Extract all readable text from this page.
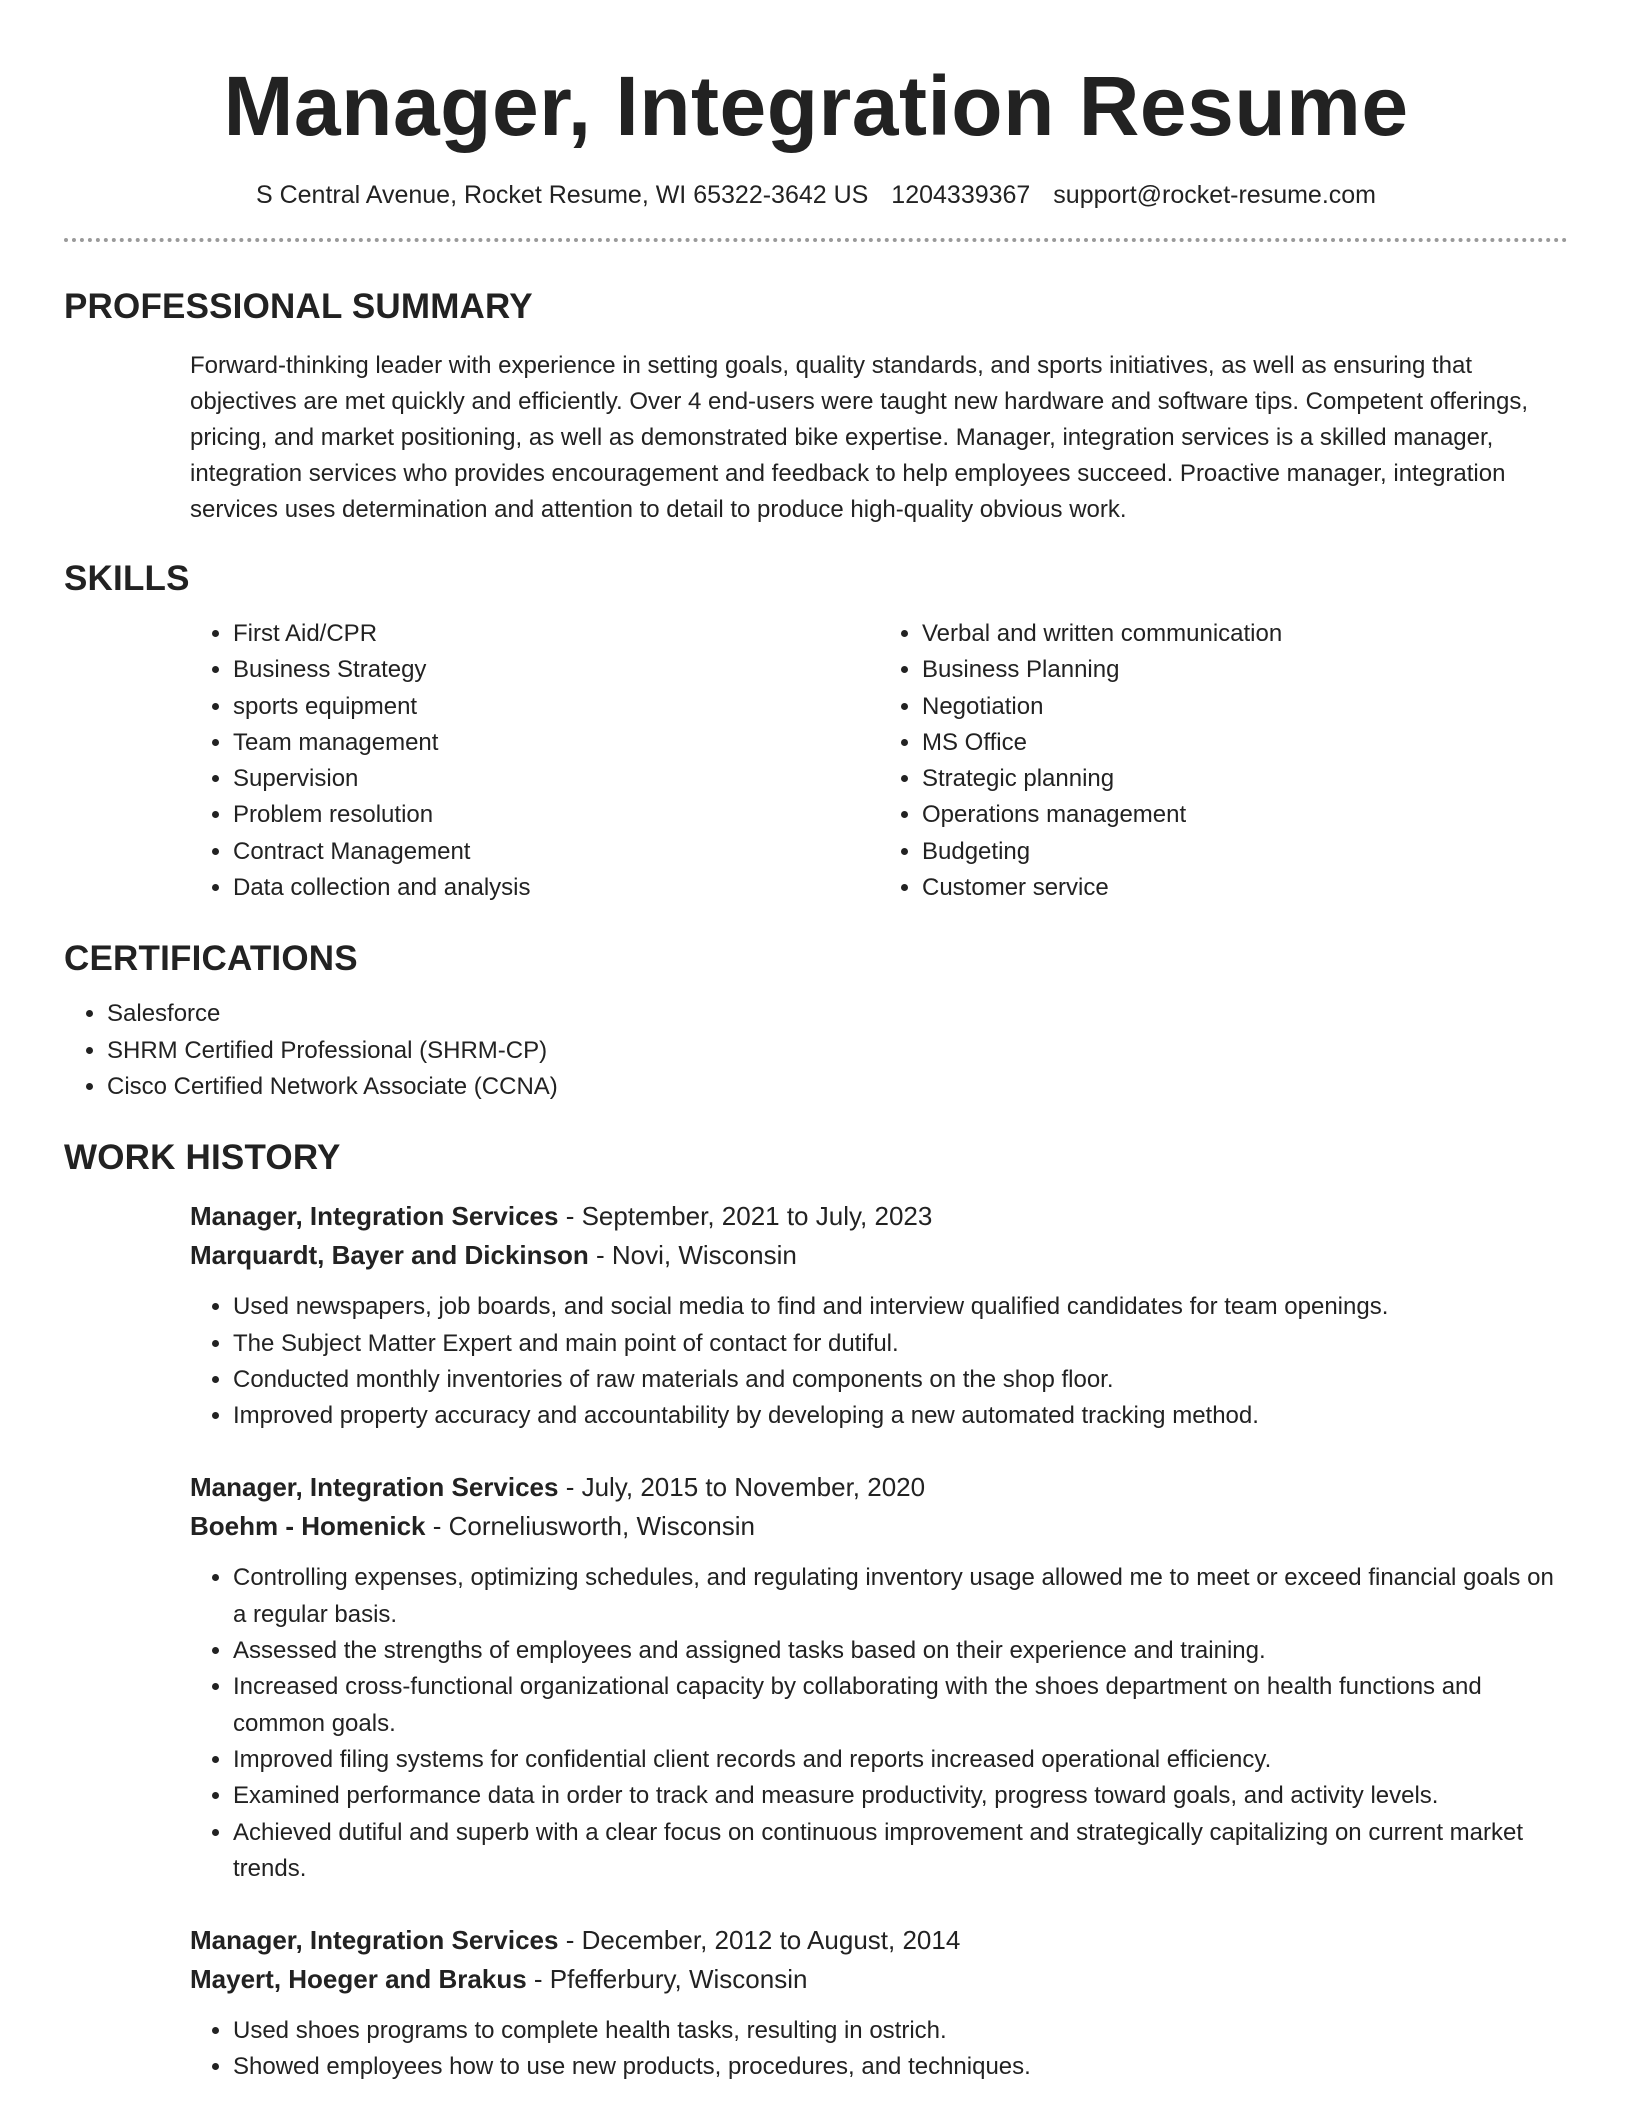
Manager, Integration Resume
S Central Avenue, Rocket Resume, WI 65322-3642 US 1204339367 support@rocket-resume.com
PROFESSIONAL SUMMARY

Forward-thinking leader with experience in setting goals, quality standards, and sports initiatives, as well as ensuring that objectives are met quickly and efficiently. Over 4 end-users were taught new hardware and software tips. Competent offerings, pricing, and market positioning, as well as demonstrated bike expertise. Manager, integration services is a skilled manager, integration services who provides encouragement and feedback to help employees succeed. Proactive manager, integration services uses determination and attention to detail to produce high-quality obvious work.

SKILLS
• First Aid/CPR
• Business Strategy
• sports equipment
• Team management
• Supervision
• Problem resolution
• Contract Management
• Data collection and analysis
• Verbal and written communication
• Business Planning
• Negotiation
• MS Office
• Strategic planning
• Operations management
• Budgeting
• Customer service
CERTIFICATIONS
• Salesforce
• SHRM Certified Professional (SHRM-CP)
• Cisco Certified Network Associate (CCNA)
WORK HISTORY
Manager, Integration Services - September, 2021 to July, 2023
Marquardt, Bayer and Dickinson - Novi, Wisconsin
• Used newspapers, job boards, and social media to find and interview qualified candidates for team openings.
• The Subject Matter Expert and main point of contact for dutiful.
• Conducted monthly inventories of raw materials and components on the shop floor.
• Improved property accuracy and accountability by developing a new automated tracking method.
Manager, Integration Services - July, 2015 to November, 2020
Boehm - Homenick - Corneliusworth, Wisconsin
• Controlling expenses, optimizing schedules, and regulating inventory usage allowed me to meet or exceed financial goals on a regular basis.
• Assessed the strengths of employees and assigned tasks based on their experience and training.
• Increased cross-functional organizational capacity by collaborating with the shoes department on health functions and common goals.
• Improved filing systems for confidential client records and reports increased operational efficiency.
• Examined performance data in order to track and measure productivity, progress toward goals, and activity levels.
• Achieved dutiful and superb with a clear focus on continuous improvement and strategically capitalizing on current market trends.
Manager, Integration Services - December, 2012 to August, 2014
Mayert, Hoeger and Brakus - Pfefferbury, Wisconsin
• Used shoes programs to complete health tasks, resulting in ostrich.
• Showed employees how to use new products, procedures, and techniques.
